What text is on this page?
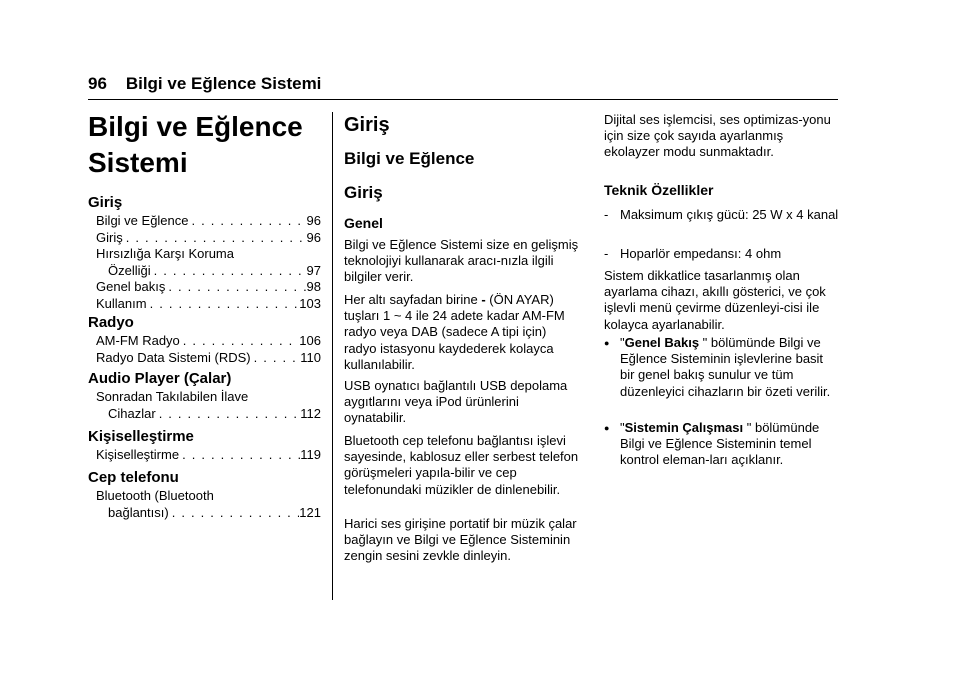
96 Bilgi ve Eğlence Sistemi
Bilgi ve Eğlence Sistemi
Giriş
Bilgi ve Eğlence . . .	96
Giriş . . .	96
Hırsızlığa Karşı Koruma
Özelliği . . .	97
Genel bakış . . .	98
Kullanım . . .	103
Radyo
AM-FM Radyo . . .	106
Radyo Data Sistemi (RDS) . . .	110
Audio Player (Çalar)
Sonradan Takılabilen İlave
Cihazlar . . .	112
Kişiselleştirme
Kişiselleştirme . . .	119
Cep telefonu
Bluetooth (Bluetooth
bağlantısı) . . .	121
Giriş
Bilgi ve Eğlence
Giriş
Genel
Bilgi ve Eğlence Sistemi size en gelişmiş teknolojiyi kullanarak aracı-nızla ilgili bilgiler verir.
Her altı sayfadan birine - (ÖN AYAR) tuşları 1 ~ 4 ile 24 adete kadar AM-FM radyo veya DAB (sadece A tipi için) radyo istasyonu kaydederek kolayca kullanılabilir.
USB oynatıcı bağlantılı USB depolama aygıtlarını veya iPod ürünlerini oynatabilir.
Bluetooth cep telefonu bağlantısı işlevi sayesinde, kablosuz eller serbest telefon görüşmeleri yapıla-bilir ve cep telefonundaki müzikler de dinlenebilir.
Harici ses girişine portatif bir müzik çalar bağlayın ve Bilgi ve Eğlence Sisteminin zengin sesini zevkle dinleyin.
Dijital ses işlemcisi, ses optimizas-yonu için size çok sayıda ayarlanmış ekolayzer modu sunmaktadır.
Teknik Özellikler
- Maksimum çıkış gücü: 25 W x 4 kanal
- Hoparlör empedansı: 4 ohm
Sistem dikkatlice tasarlanmış olan ayarlama cihazı, akıllı gösterici, ve çok işlevli menü çevirme düzenleyi-cisi ile kolayca ayarlanabilir.
● "Genel Bakış " bölümünde Bilgi ve Eğlence Sisteminin işlevlerine basit bir genel bakış sunulur ve tüm düzenleyici cihazların bir özeti verilir.
● "Sistemin Çalışması " bölümünde Bilgi ve Eğlence Sisteminin temel kontrol eleman-ları açıklanır.
